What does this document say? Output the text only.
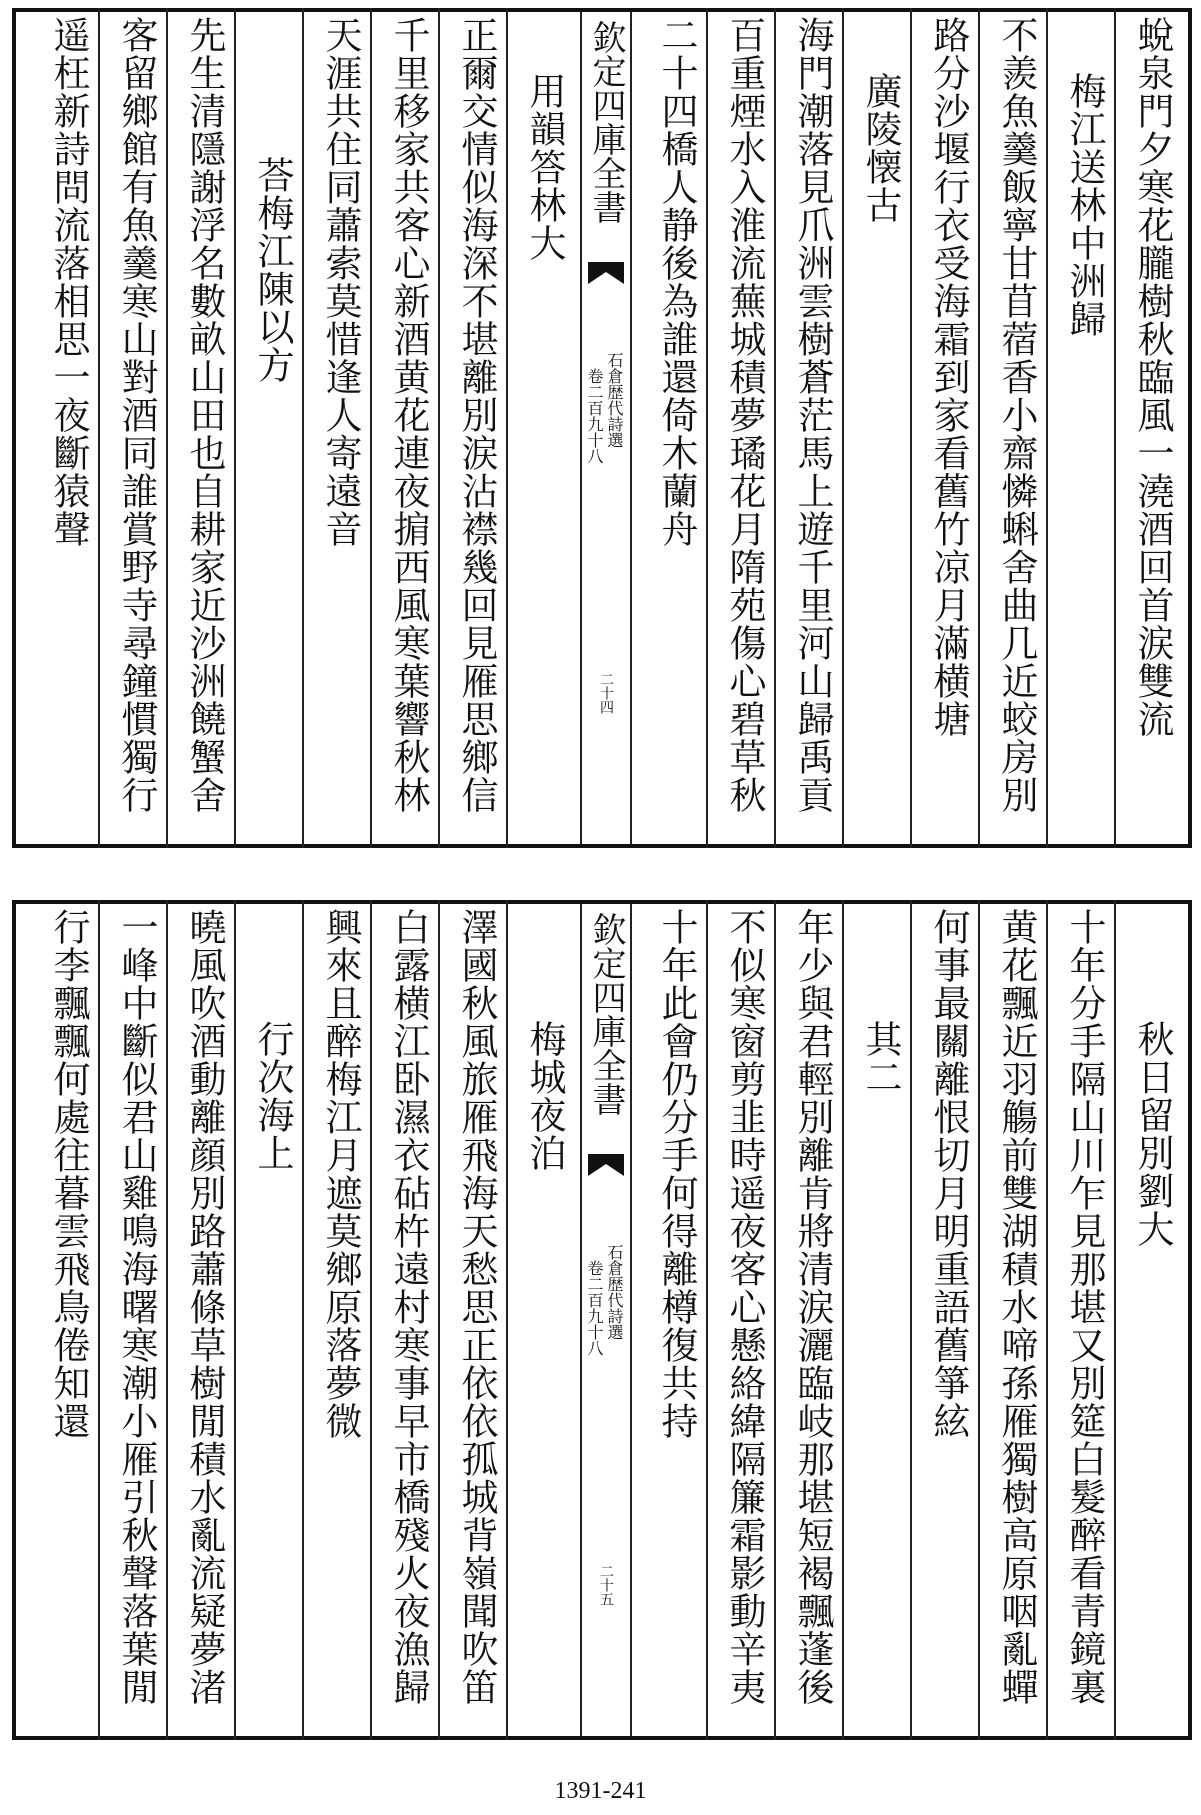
蛻泉門夕寒花朧樹秋臨風一澆酒回首涙雙流
梅江送林中洲歸
不羨魚羹飯寧甘苜蓿香小齋憐蝌舍曲几近蛟房別
路分沙堰行衣受海霜到家看舊竹凉月滿横塘
廣陵懐古
海門潮落見爪洲雲樹蒼茫馬上遊千里河山歸禹貢
百重煙水入淮流蕪城積夢璚花月隋苑傷心碧草秋
二十四橋人静後為誰還倚木蘭舟
欽定四庫全書
石倉歴代詩選
卷二百九十八
二十四
用韻答林大
正爾交情似海深不堪離別涙沾襟幾回見雁思鄉信
千里移家共客心新酒黄花連夜掮西風寒葉響秋林
天涯共住同蕭索莫惜逢人寄遠音
荅梅江陳以方
先生清隱謝浮名數畝山田也自耕家近沙洲饒蟹舍
客留鄉館有魚羹寒山對酒同誰賞野寺尋鐘慣獨行
遥枉新詩問流落相思一夜斷猿聲
秋日留別劉大
十年分手隔山川乍見那堪又別筵白髮醉看青鏡裏
黄花飄近羽觴前雙湖積水啼孫雁獨樹高原咽亂蟬
何事最關離恨切月明重語舊箏絃
其二
年少與君輕別離肯將清涙灑臨岐那堪短褐飄蓬後
不似寒窗剪韭時遥夜客心懸絡緯隔簾霜影動辛夷
十年此會仍分手何得離樽復共持
欽定四庫全書
石倉歴代詩選
卷二百九十八
二十五
梅城夜泊
澤國秋風旅雁飛海天愁思正依依孤城背嶺聞吹笛
白露横江卧濕衣砧杵遠村寒事早市橋殘火夜漁歸
興來且醉梅江月遮莫鄉原落夢微
行次海上
曉風吹酒動離顔別路蕭條草樹閒積水亂流疑夢渚
一峰中斷似君山雞鳴海曙寒潮小雁引秋聲落葉閒
行李飄飄何處往暮雲飛鳥倦知還
1391-241
